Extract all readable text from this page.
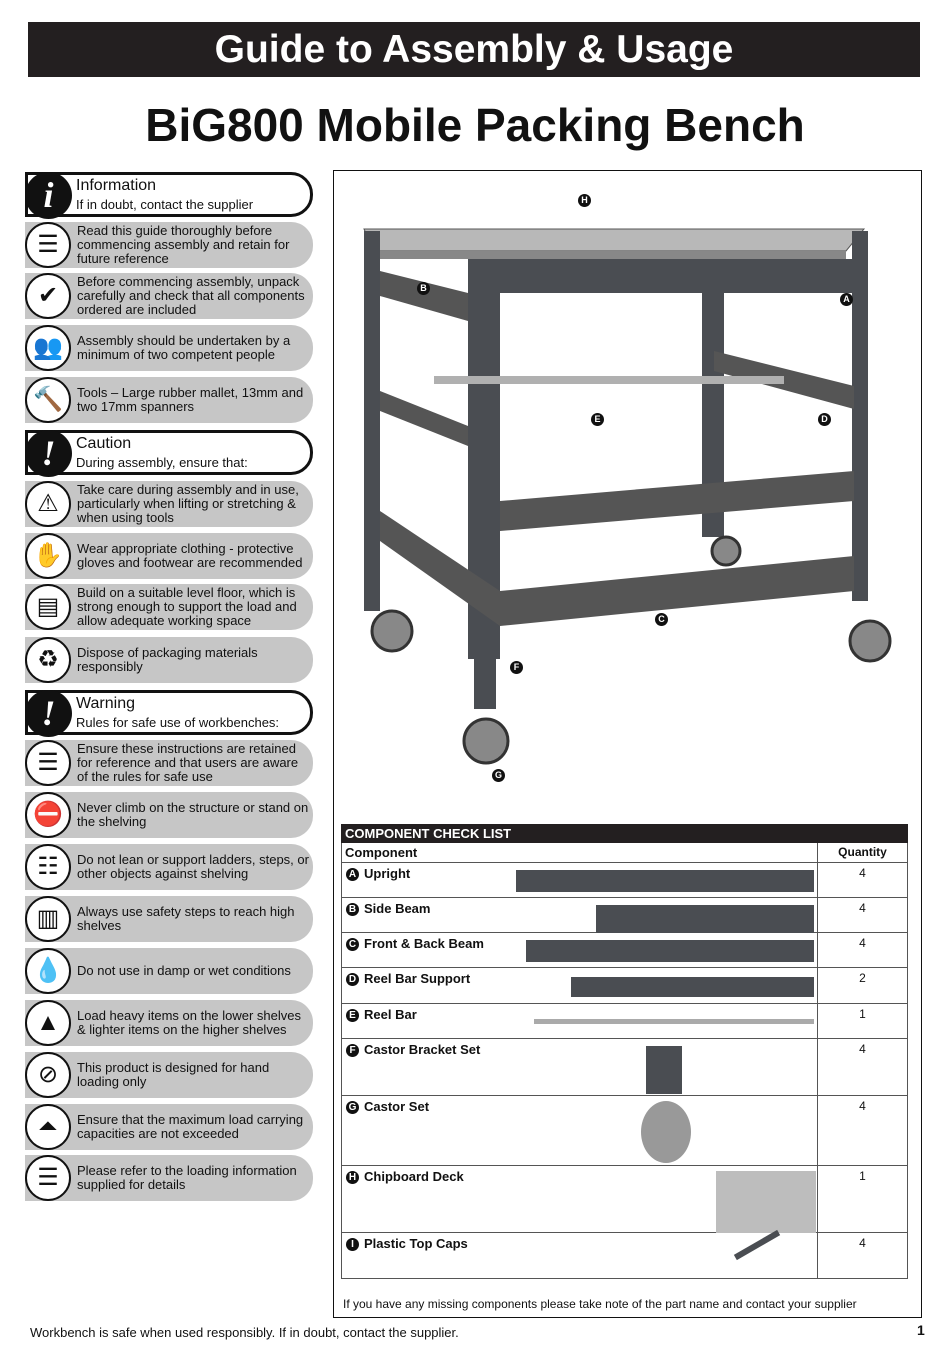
Guide to Assembly & Usage
BiG800 Mobile Packing Bench
i	Information
If in doubt, contact the supplier
☰
Read this guide thoroughly before commencing assembly and retain for future reference
✔
Before commencing assembly, unpack carefully and check that all components ordered are included
👥	Assembly should be undertaken by a minimum of two competent people
🔨	Tools – Large rubber mallet, 13mm and two 17mm spanners
!	Caution
During assembly, ensure that:
⚠
Take care during assembly and in use, particularly when lifting or stretching & when using tools
✋	Wear appropriate clothing - protective gloves and footwear are recommended
▤
Build on a suitable level floor, which is strong enough to support the load and allow adequate working space
♻	Dispose of packaging materials responsibly
!	Warning
Rules for safe use of workbenches:
☰
Ensure these instructions are retained for reference and that users are aware of the rules for safe use
⛔	Never climb on the structure or stand on the shelving
☷	Do not lean or support ladders, steps, or other objects against shelving
▥	Always use safety steps to reach high shelves
💧	Do not use in damp or wet conditions
▲	Load heavy items on the lower shelves & lighter items on the higher shelves
⊘	This product is designed for hand loading only
⏶	Ensure that the maximum load carrying capacities are not exceeded
☰	Please refer to the loading information supplied for details
H
A
B
C
D
E
F
G
COMPONENT CHECK LIST	
Component	Quantity

A Upright	4

B Side Beam	4

C Front & Back Beam	4

D Reel Bar Support	2

E Reel Bar	1

F Castor Bracket Set	4

G Castor Set	4

H Chipboard Deck	1

I Plastic Top Caps	4
If you have any missing components please take note of the part name and contact your supplier
Workbench is safe when used responsibly. If in doubt, contact the supplier.	1
